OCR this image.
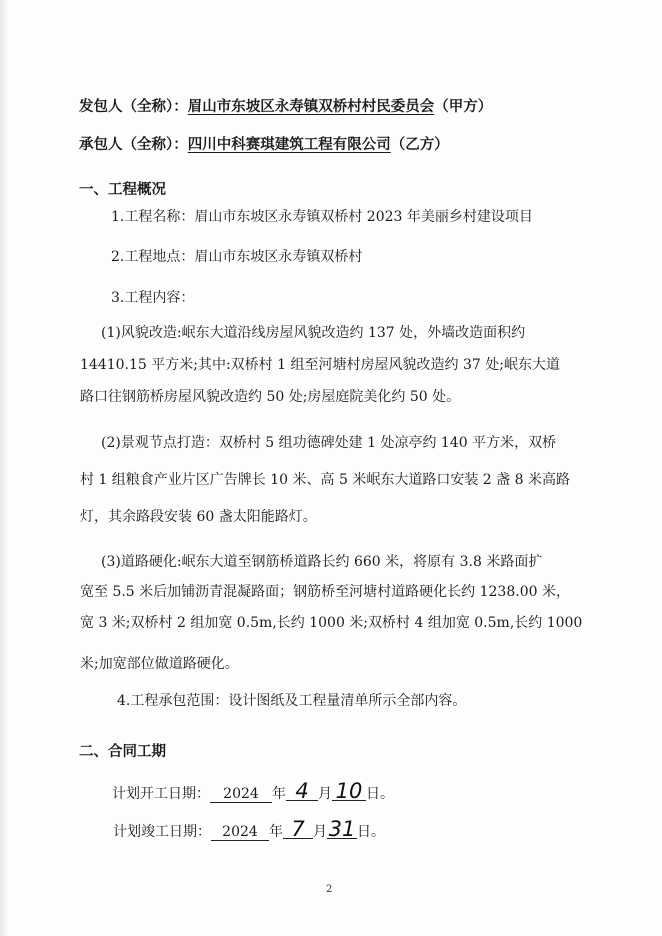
发包人（全称）：眉山市东坡区永寿镇双桥村村民委员会（甲方）
承包人（全称）：四川中科赛琪建筑工程有限公司（乙方）
一、工程概况
1.工程名称：眉山市东坡区永寿镇双桥村 2023 年美丽乡村建设项目
2.工程地点：眉山市东坡区永寿镇双桥村
3.工程内容：
(1)风貌改造:岷东大道沿线房屋风貌改造约 137 处，外墙改造面积约
14410.15 平方米;其中:双桥村 1 组至河塘村房屋风貌改造约 37 处;岷东大道
路口往钢筋桥房屋风貌改造约 50 处;房屋庭院美化约 50 处。
(2)景观节点打造：双桥村 5 组功德碑处建 1 处凉亭约 140 平方米，双桥
村 1 组粮食产业片区广告牌长 10 米、高 5 米岷东大道路口安装 2 盏 8 米高路
灯，其余路段安装 60 盏太阳能路灯。
(3)道路硬化:岷东大道至钢筋桥道路长约 660 米，将原有 3.8 米路面扩
宽至 5.5 米后加铺沥青混凝路面；钢筋桥至河塘村道路硬化长约 1238.00 米，
宽 3 米;双桥村 2 组加宽 0.5m,长约 1000 米;双桥村 4 组加宽 0.5m,长约 1000
米;加宽部位做道路硬化。
4.工程承包范围：设计图纸及工程量清单所示全部内容。
二、合同工期
计划开工日期： 2024 年 4 月 10 日。
计划竣工日期： 2024 年 7 月31 日。
2
